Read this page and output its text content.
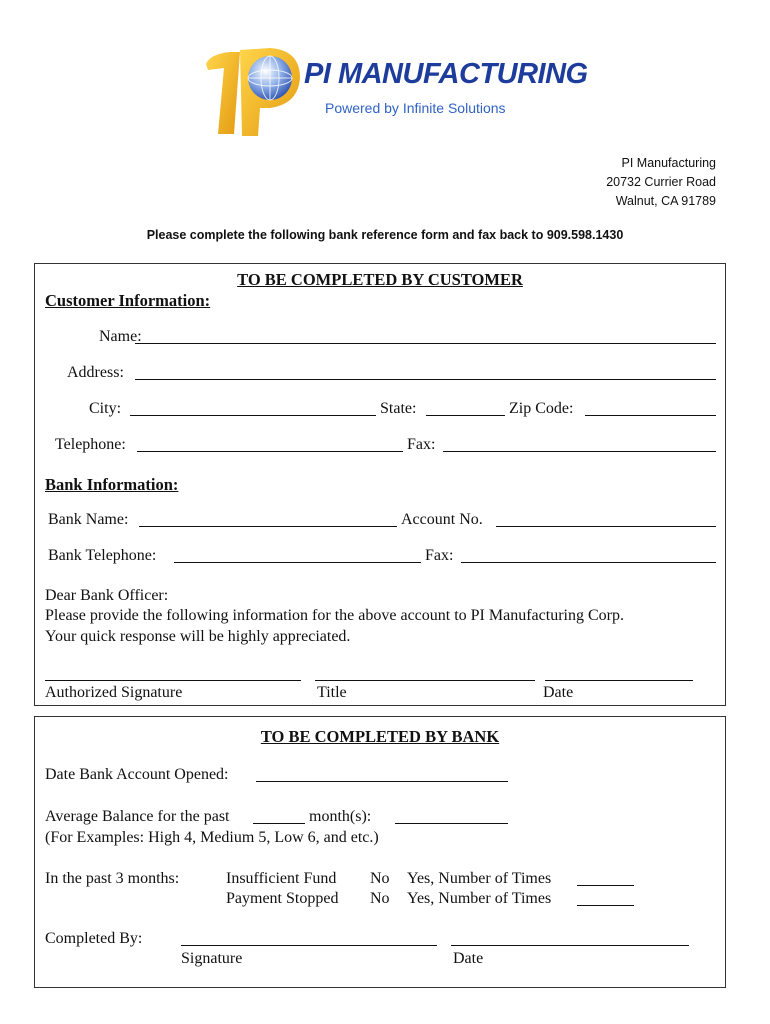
PI MANUFACTURING
Powered by Infinite Solutions
PI Manufacturing
20732 Currier Road
Walnut, CA 91789
Please complete the following bank reference form and fax back to 909.598.1430
TO BE COMPLETED BY CUSTOMER
Customer Information:
Name:
Address:
City:	State:	Zip Code:
Telephone:	Fax:
Bank Information:
Bank Name:	Account No.
Bank Telephone:	Fax:
Dear Bank Officer:
Please provide the following information for the above account to PI Manufacturing Corp.
Your quick response will be highly appreciated.
Authorized Signature	Title	Date
TO BE COMPLETED BY BANK
Date Bank Account Opened:
Average Balance for the past	month(s):
(For Examples: High 4, Medium 5, Low 6, and etc.)
In the past 3 months:	Insufficient Fund No Yes, Number of Times
Payment Stopped No Yes, Number of Times
Completed By:
Signature	Date
